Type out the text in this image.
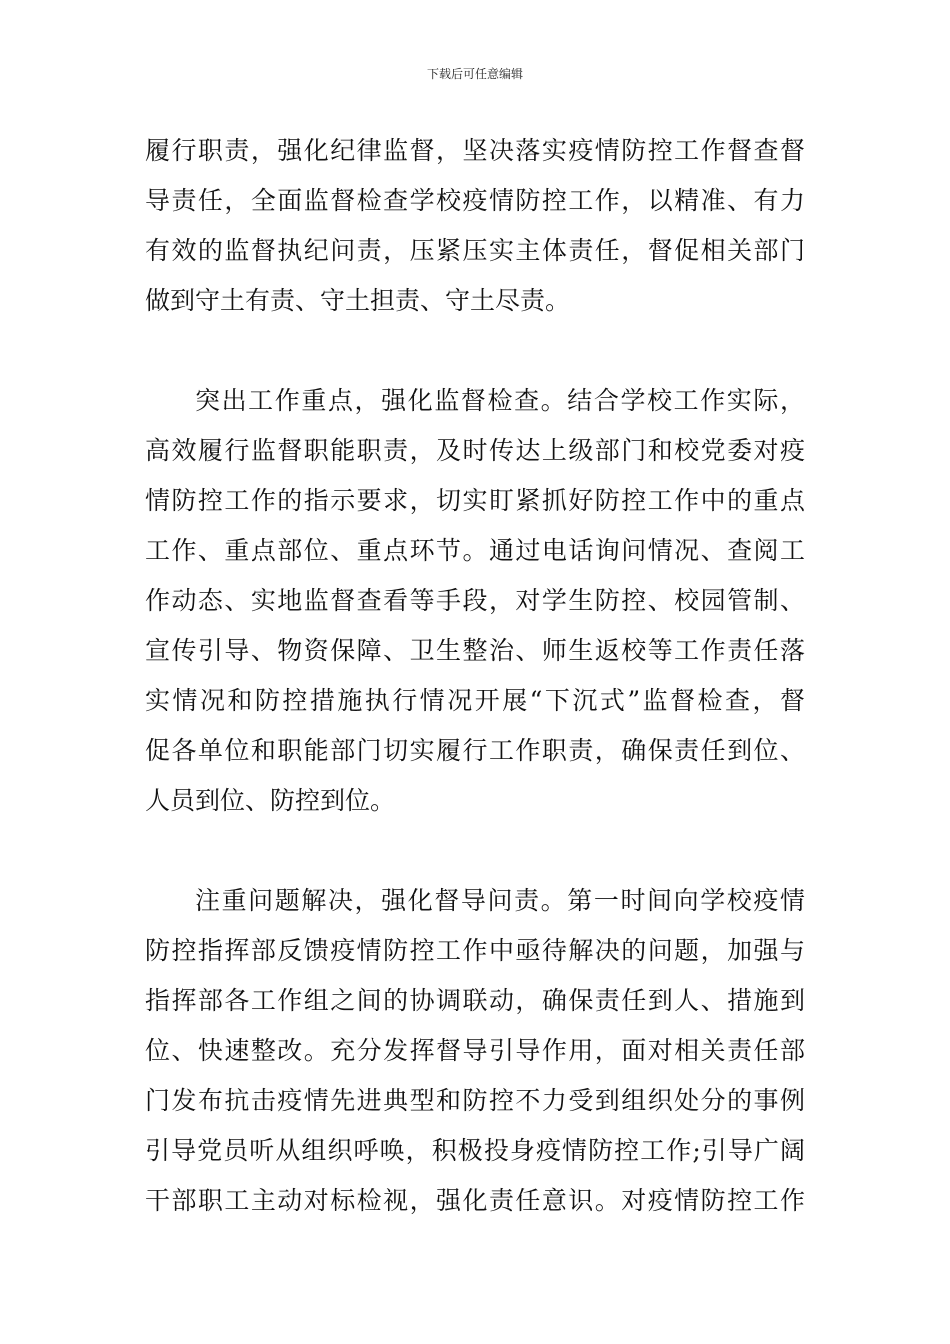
下载后可任意编辑
履行职责，强化纪律监督，坚决落实疫情防控工作督查督
导责任，全面监督检查学校疫情防控工作，以精准、有力
有效的监督执纪问责，压紧压实主体责任，督促相关部门
做到守土有责、守土担责、守土尽责。
突出工作重点，强化监督检查。结合学校工作实际，
高效履行监督职能职责，及时传达上级部门和校党委对疫
情防控工作的指示要求，切实盯紧抓好防控工作中的重点
工作、重点部位、重点环节。通过电话询问情况、查阅工
作动态、实地监督查看等手段，对学生防控、校园管制、
宣传引导、物资保障、卫生整治、师生返校等工作责任落
实情况和防控措施执行情况开展“下沉式”监督检查，督
促各单位和职能部门切实履行工作职责，确保责任到位、
人员到位、防控到位。
注重问题解决，强化督导问责。第一时间向学校疫情
防控指挥部反馈疫情防控工作中亟待解决的问题，加强与
指挥部各工作组之间的协调联动，确保责任到人、措施到
位、快速整改。充分发挥督导引导作用，面对相关责任部
门发布抗击疫情先进典型和防控不力受到组织处分的事例
引导党员听从组织呼唤，积极投身疫情防控工作;引导广阔
干部职工主动对标检视，强化责任意识。对疫情防控工作
